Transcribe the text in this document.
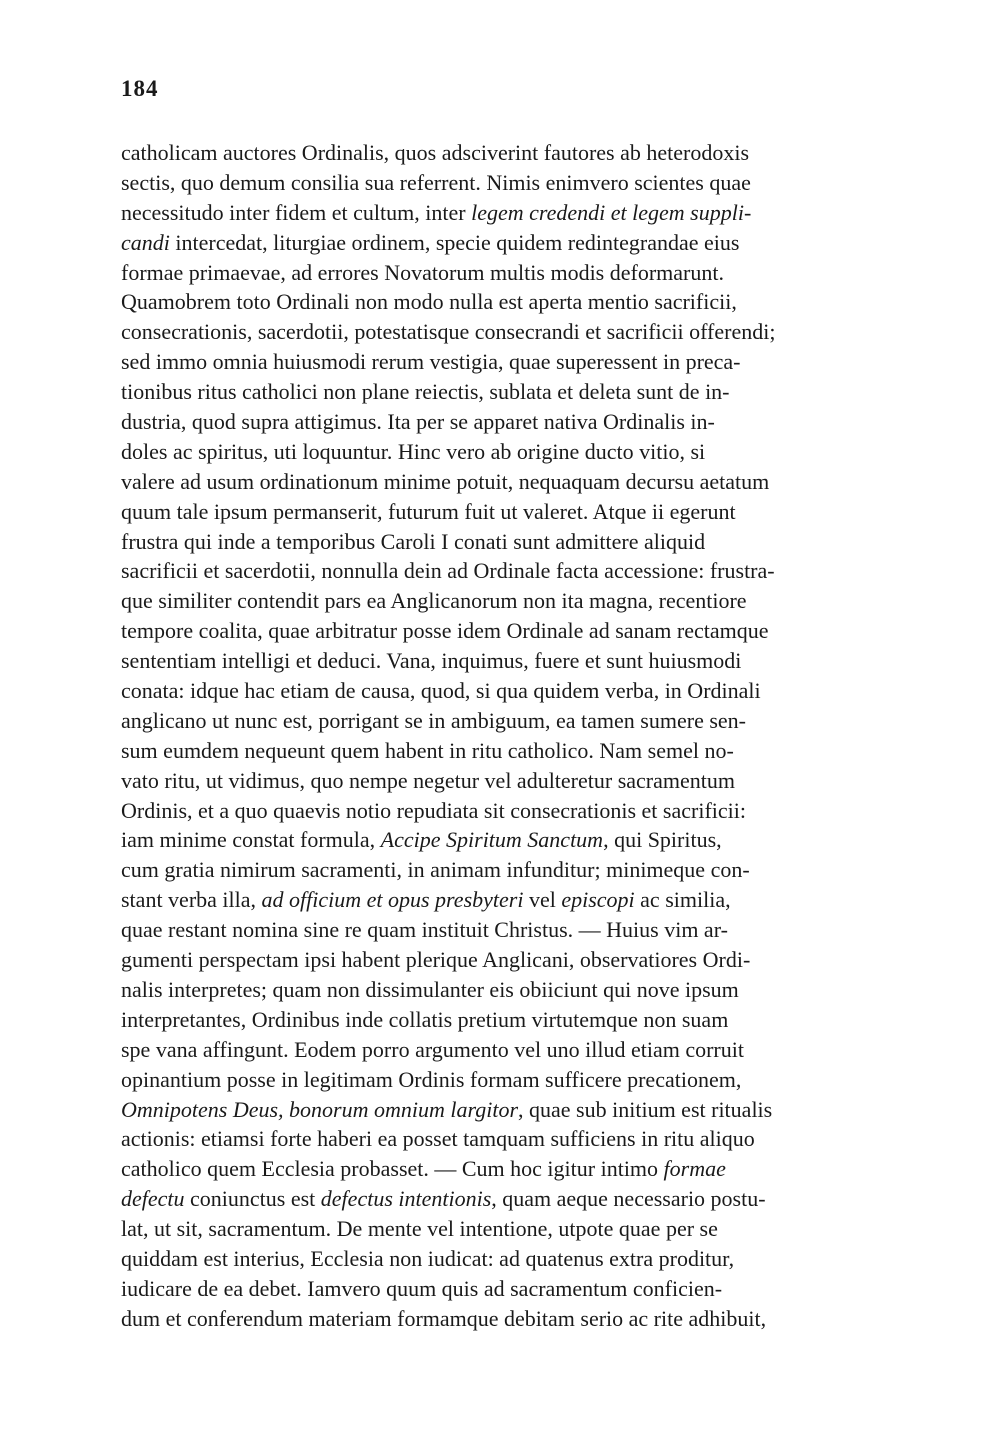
184
catholicam auctores Ordinalis, quos adsciverint fautores ab heterodoxis
sectis, quo demum consilia sua referrent. Nimis enimvero scientes quae
necessitudo inter fidem et cultum, inter legem credendi et legem suppli-
candi intercedat, liturgiae ordinem, specie quidem redintegrandae eius
formae primaevae, ad errores Novatorum multis modis deformarunt.
Quamobrem toto Ordinali non modo nulla est aperta mentio sacrificii,
consecrationis, sacerdotii, potestatisque consecrandi et sacrificii offerendi;
sed immo omnia huiusmodi rerum vestigia, quae superessent in preca-
tionibus ritus catholici non plane reiectis, sublata et deleta sunt de in-
dustria, quod supra attigimus. Ita per se apparet nativa Ordinalis in-
doles ac spiritus, uti loquuntur. Hinc vero ab origine ducto vitio, si
valere ad usum ordinationum minime potuit, nequaquam decursu aetatum
quum tale ipsum permanserit, futurum fuit ut valeret. Atque ii egerunt
frustra qui inde a temporibus Caroli I conati sunt admittere aliquid
sacrificii et sacerdotii, nonnulla dein ad Ordinale facta accessione: frustra-
que similiter contendit pars ea Anglicanorum non ita magna, recentiore
tempore coalita, quae arbitratur posse idem Ordinale ad sanam rectamque
sententiam intelligi et deduci. Vana, inquimus, fuere et sunt huiusmodi
conata: idque hac etiam de causa, quod, si qua quidem verba, in Ordinali
anglicano ut nunc est, porrigant se in ambiguum, ea tamen sumere sen-
sum eumdem nequeunt quem habent in ritu catholico. Nam semel no-
vato ritu, ut vidimus, quo nempe negetur vel adulteretur sacramentum
Ordinis, et a quo quaevis notio repudiata sit consecrationis et sacrificii:
iam minime constat formula, Accipe Spiritum Sanctum, qui Spiritus,
cum gratia nimirum sacramenti, in animam infunditur; minimeque con-
stant verba illa, ad officium et opus presbyteri vel episcopi ac similia,
quae restant nomina sine re quam instituit Christus. — Huius vim ar-
gumenti perspectam ipsi habent plerique Anglicani, observatiores Ordi-
nalis interpretes; quam non dissimulanter eis obiiciunt qui nove ipsum
interpretantes, Ordinibus inde collatis pretium virtutemque non suam
spe vana affingunt. Eodem porro argumento vel uno illud etiam corruit
opinantium posse in legitimam Ordinis formam sufficere precationem,
Omnipotens Deus, bonorum omnium largitor, quae sub initium est ritualis
actionis: etiamsi forte haberi ea posset tamquam sufficiens in ritu aliquo
catholico quem Ecclesia probasset. — Cum hoc igitur intimo formae
defectu coniunctus est defectus intentionis, quam aeque necessario postu-
lat, ut sit, sacramentum. De mente vel intentione, utpote quae per se
quiddam est interius, Ecclesia non iudicat: ad quatenus extra proditur,
iudicare de ea debet. Iamvero quum quis ad sacramentum conficien-
dum et conferendum materiam formamque debitam serio ac rite adhibuit,
